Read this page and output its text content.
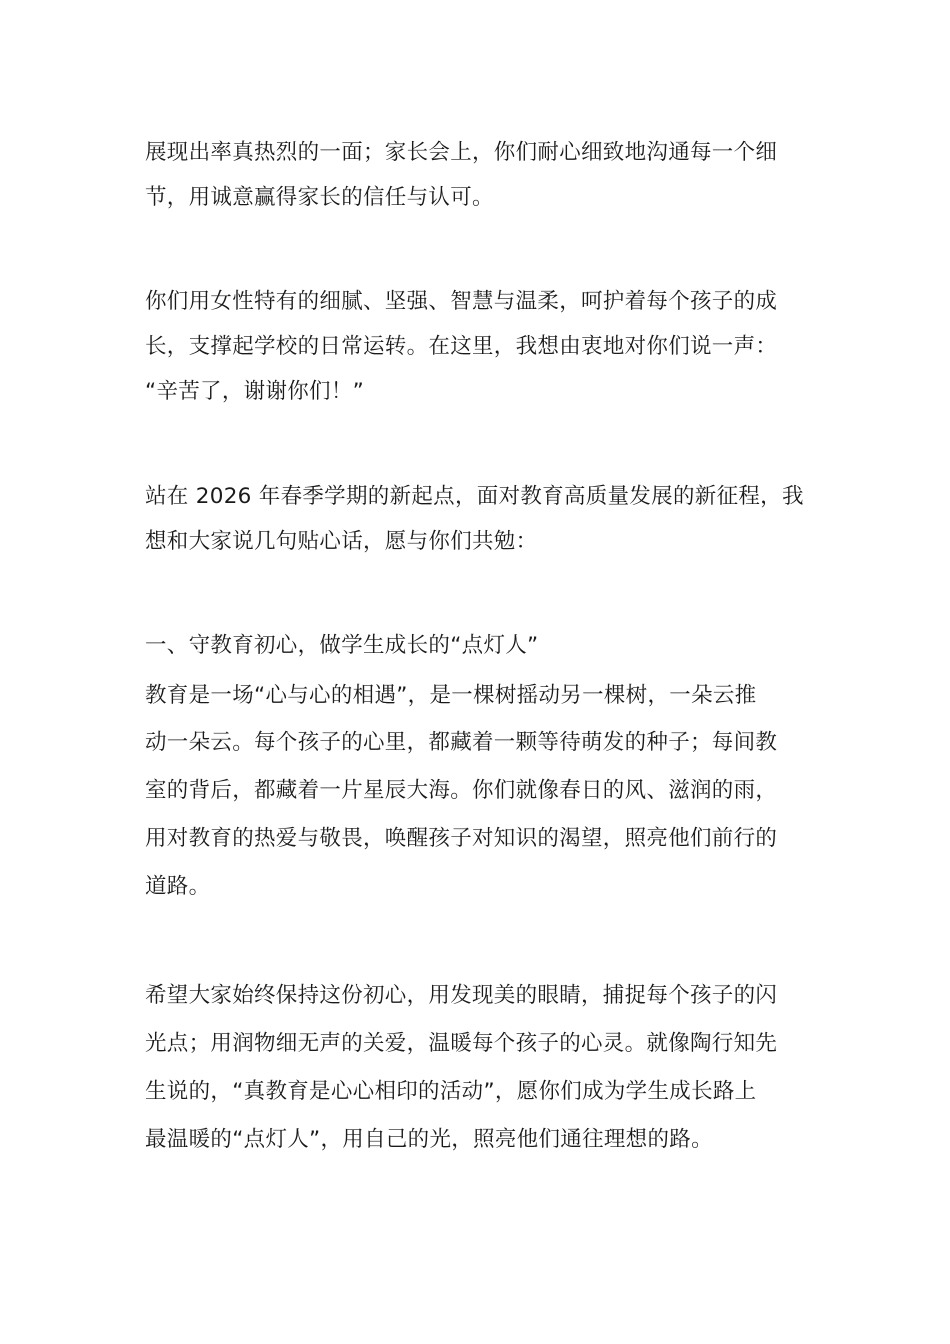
展现出率真热烈的一面；家长会上，你们耐心细致地沟通每一个细
节，用诚意赢得家长的信任与认可。
你们用女性特有的细腻、坚强、智慧与温柔，呵护着每个孩子的成
长，支撑起学校的日常运转。在这里，我想由衷地对你们说一声：
“辛苦了，谢谢你们！”
站在 2026 年春季学期的新起点，面对教育高质量发展的新征程，我
想和大家说几句贴心话，愿与你们共勉：
一、守教育初心，做学生成长的“点灯人”
教育是一场“心与心的相遇”，是一棵树摇动另一棵树，一朵云推
动一朵云。每个孩子的心里，都藏着一颗等待萌发的种子；每间教
室的背后，都藏着一片星辰大海。你们就像春日的风、滋润的雨，
用对教育的热爱与敬畏，唤醒孩子对知识的渴望，照亮他们前行的
道路。
希望大家始终保持这份初心，用发现美的眼睛，捕捉每个孩子的闪
光点；用润物细无声的关爱，温暖每个孩子的心灵。就像陶行知先
生说的，“真教育是心心相印的活动”，愿你们成为学生成长路上
最温暖的“点灯人”，用自己的光，照亮他们通往理想的路。
